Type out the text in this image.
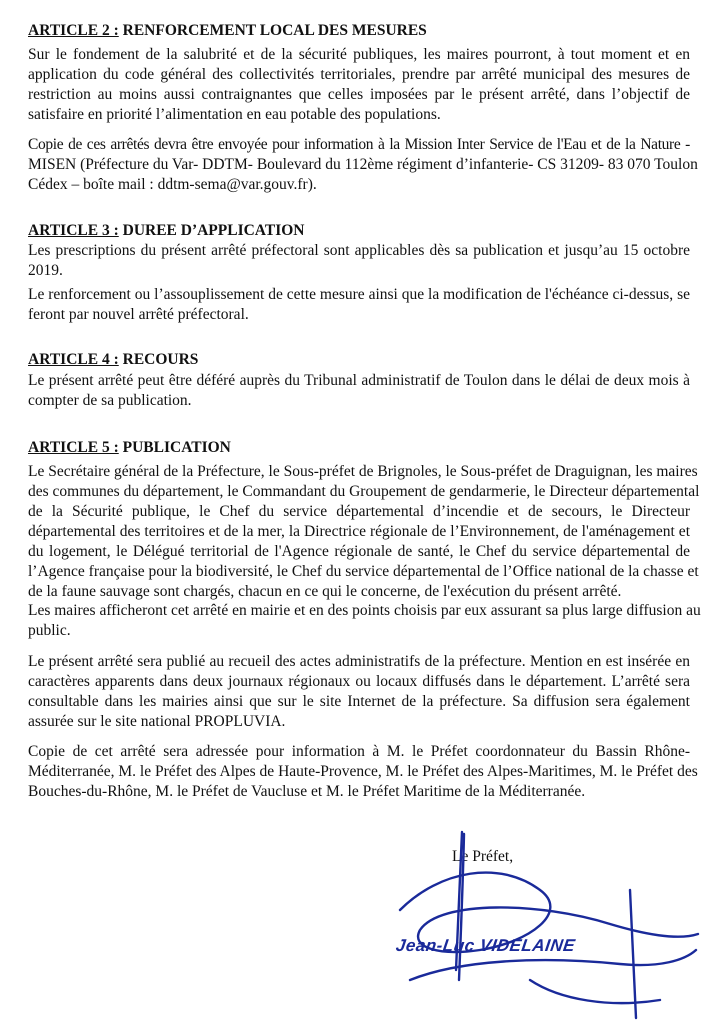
ARTICLE 2 : RENFORCEMENT LOCAL DES MESURES
Sur le fondement de la salubrité et de la sécurité publiques, les maires pourront, à tout moment et en
application du code général des collectivités territoriales, prendre par arrêté municipal des mesures de
restriction au moins aussi contraignantes que celles imposées par le présent arrêté, dans l’objectif de
satisfaire en priorité l’alimentation en eau potable des populations.
Copie de ces arrêtés devra être envoyée pour information à la Mission Inter Service de l'Eau et de la Nature -
MISEN (Préfecture du Var- DDTM- Boulevard du 112ème régiment d’infanterie- CS 31209- 83 070 Toulon
Cédex – boîte mail : ddtm-sema@var.gouv.fr).
ARTICLE 3 : DUREE D’APPLICATION
Les prescriptions du présent arrêté préfectoral sont applicables dès sa publication et jusqu’au 15 octobre
2019.
Le renforcement ou l’assouplissement de cette mesure ainsi que la modification de l'échéance ci-dessus, se
feront par nouvel arrêté préfectoral.
ARTICLE 4 : RECOURS
Le présent arrêté peut être déféré auprès du Tribunal administratif de Toulon dans le délai de deux mois à
compter de sa publication.
ARTICLE 5 : PUBLICATION
Le Secrétaire général de la Préfecture, le Sous-préfet de Brignoles, le Sous-préfet de Draguignan, les maires
des communes du département, le Commandant du Groupement de gendarmerie, le Directeur départemental
de la Sécurité publique, le Chef du service départemental d’incendie et de secours, le Directeur
départemental des territoires et de la mer, la Directrice régionale de l’Environnement, de l'aménagement et
du logement, le Délégué territorial de l'Agence régionale de santé, le Chef du service départemental de
l’Agence française pour la biodiversité, le Chef du service départemental de l’Office national de la chasse et
de la faune sauvage sont chargés, chacun en ce qui le concerne, de l'exécution du présent arrêté.
Les maires afficheront cet arrêté en mairie et en des points choisis par eux assurant sa plus large diffusion au
public.
Le présent arrêté sera publié au recueil des actes administratifs de la préfecture. Mention en est insérée en
caractères apparents dans deux journaux régionaux ou locaux diffusés dans le département. L’arrêté sera
consultable dans les mairies ainsi que sur le site Internet de la préfecture. Sa diffusion sera également
assurée sur le site national PROPLUVIA.
Copie de cet arrêté sera adressée pour information à M. le Préfet coordonnateur du Bassin Rhône-
Méditerranée, M. le Préfet des Alpes de Haute-Provence, M. le Préfet des Alpes-Maritimes, M. le Préfet des
Bouches-du-Rhône, M. le Préfet de Vaucluse et M. le Préfet Maritime de la Méditerranée.
Le Préfet,
Jean-Luc VIDELAINE
